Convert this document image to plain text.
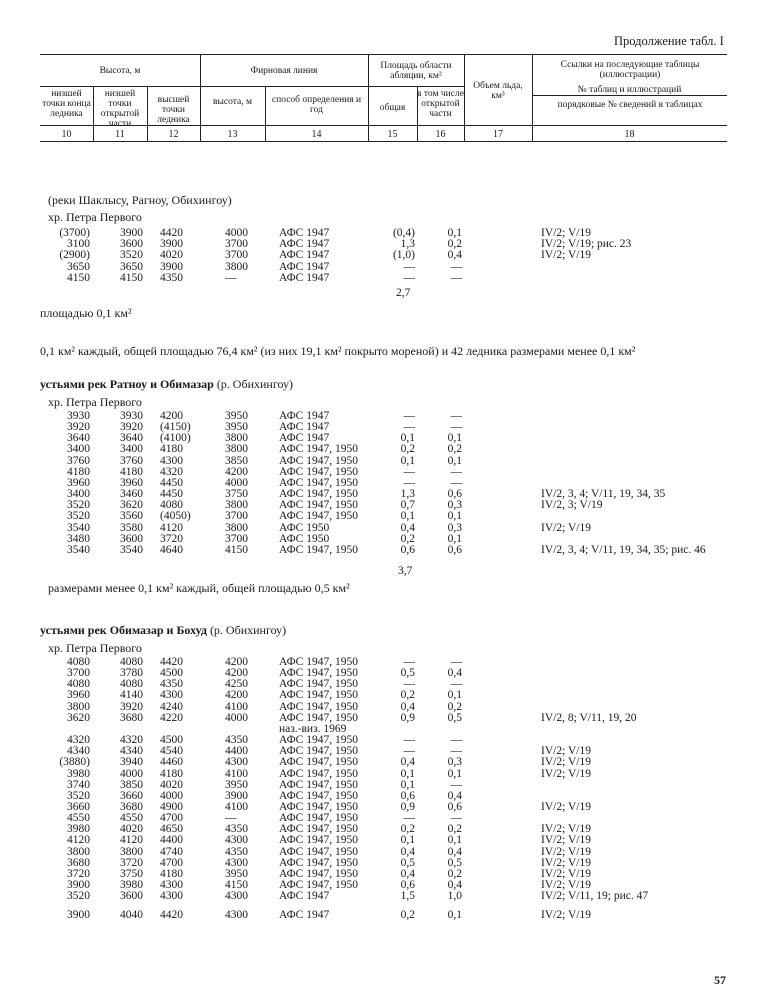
Продолжение табл. I
Высота, м
низшей точки конца ледника
низшей точки открытой части
высшей точки ледника
Фирновая линия
высота, м	способ определения и год
Площадь области абляции, км²
общая
в том числе открытой части
Объем льда, км³
Ссылки на последующие таблицы (иллюстрации)
№ таблиц и иллюстраций
порядковые № сведений в таблицах
10	11	12	13	14	15	16	17	18
(реки Шаклысу, Рагноу, Обихингоу)
хр. Петра Первого
(3700)	3900 4420	4000	АФС 1947	(0,4)	0,1	IV/2; V/19
3100	3600 3900	3700	АФС 1947	1,3	0,2	IV/2; V/19; рис. 23
(2900)	3520 4020	3700	АФС 1947	(1,0)	0,4	IV/2; V/19
3650	3650 3900	3800	АФС 1947	—	—
4150	4150 4350	—	АФС 1947	—	—
2,7
площадью 0,1 км²
0,1 км² каждый, общей площадью 76,4 км² (из них 19,1 км² покрыто мореной) и 42 ледника размерами менее 0,1 км²
устьями рек Ратноу и Обимазар (р. Обихингоу)
хр. Петра Первого
3930	3930 4200	3950	АФС 1947	—	—
3920	3920 (4150)	3950	АФС 1947	—	—
3640	3640 (4100)	3800	АФС 1947	0,1	0,1
3400	3400 4180	3800	АФС 1947, 1950	0,2	0,2
3760	3760 4300	3850	АФС 1947, 1950	0,1	0,1
4180	4180 4320	4200	АФС 1947, 1950	—	—
3960	3960 4450	4000	АФС 1947, 1950	—	—
3400	3460 4450	3750	АФС 1947, 1950	1,3	0,6	IV/2, 3, 4; V/11, 19, 34, 35
3520	3620 4080	3800	АФС 1947, 1950	0,7	0,3	IV/2, 3; V/19
3520	3560 (4050)	3700	АФС 1947, 1950	0,1	0,1
3540	3580 4120	3800	АФС 1950	0,4	0,3	IV/2; V/19
3480	3600 3720	3700	АФС 1950	0,2	0,1
3540	3540 4640	4150	АФС 1947, 1950	0,6	0,6	IV/2, 3, 4; V/11, 19, 34, 35; рис. 46
3,7
размерами менее 0,1 км² каждый, общей площадью 0,5 км²
устьями рек Обимазар и Бохуд (р. Обихингоу)
хр. Петра Первого
4080	4080 4420	4200	АФС 1947, 1950	—	—
3700	3780 4500	4200	АФС 1947, 1950	0,5	0,4
4080	4080 4350	4250	АФС 1947, 1950	—	—
3960	4140 4300	4200	АФС 1947, 1950	0,2	0,1
3800	3920 4240	4100	АФС 1947, 1950	0,4	0,2
3620	3680 4220	4000	АФС 1947, 1950	0,9	0,5	IV/2, 8; V/11, 19, 20
наз.-виз. 1969
4320	4320 4500	4350	АФС 1947, 1950	—	—
4340	4340 4540	4400	АФС 1947, 1950	—	—	IV/2; V/19
(3880)	3940 4460	4300	АФС 1947, 1950	0,4	0,3	IV/2; V/19
3980	4000 4180	4100	АФС 1947, 1950	0,1	0,1	IV/2; V/19
3740	3850 4020	3950	АФС 1947, 1950	0,1	—
3520	3660 4000	3900	АФС 1947, 1950	0,6	0,4
3660	3680 4900	4100	АФС 1947, 1950	0,9	0,6	IV/2; V/19
4550	4550 4700	—	АФС 1947, 1950	—	—
3980	4020 4650	4350	АФС 1947, 1950	0,2	0,2	IV/2; V/19
4120	4120 4400	4300	АФС 1947, 1950	0,1	0,1	IV/2; V/19
3800	3800 4740	4350	АФС 1947, 1950	0,4	0,4	IV/2; V/19
3680	3720 4700	4300	АФС 1947, 1950	0,5	0,5	IV/2; V/19
3720	3750 4180	3950	АФС 1947, 1950	0,4	0,2	IV/2; V/19
3900	3980 4300	4150	АФС 1947, 1950	0,6	0,4	IV/2; V/19
3520	3600 4300	4300	АФС 1947	1,5	1,0	IV/2; V/11, 19; рис. 47
3900	4040 4420	4300	АФС 1947	0,2	0,1	IV/2; V/19
57
